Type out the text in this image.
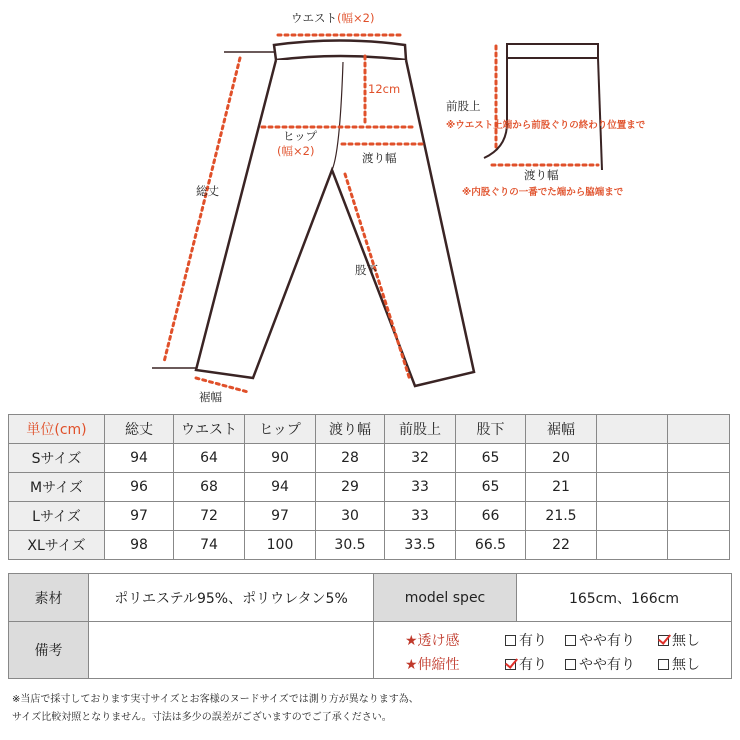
ウエスト(幅×2)
12cm
ヒップ
(幅×2)	渡り幅
総丈
股下
裾幅
前股上
※ウエスト上端から前股ぐりの終わり位置まで
渡り幅
※内股ぐりの一番でた端から脇端まで
単位(cm)	総丈	ウエスト	ヒップ	渡り幅	前股上	股下	裾幅		
Sサイズ	94	64	90	28	32	65	20		
Mサイズ	96	68	94	29	33	65	21		
Lサイズ	97	72	97	30	33	66	21.5		
XLサイズ	98	74	100	30.5	33.5	66.5	22		
素材	ポリエステル95%、ポリウレタン5%	model spec	165cm、166cm
備考
★透け感	有り やや有り	無し
★伸縮性	有り やや有り	無し
※当店で採寸しております実寸サイズとお客様のヌードサイズでは測り方が異なります為、
サイズ比較対照となりません。寸法は多少の誤差がございますのでご了承ください。
